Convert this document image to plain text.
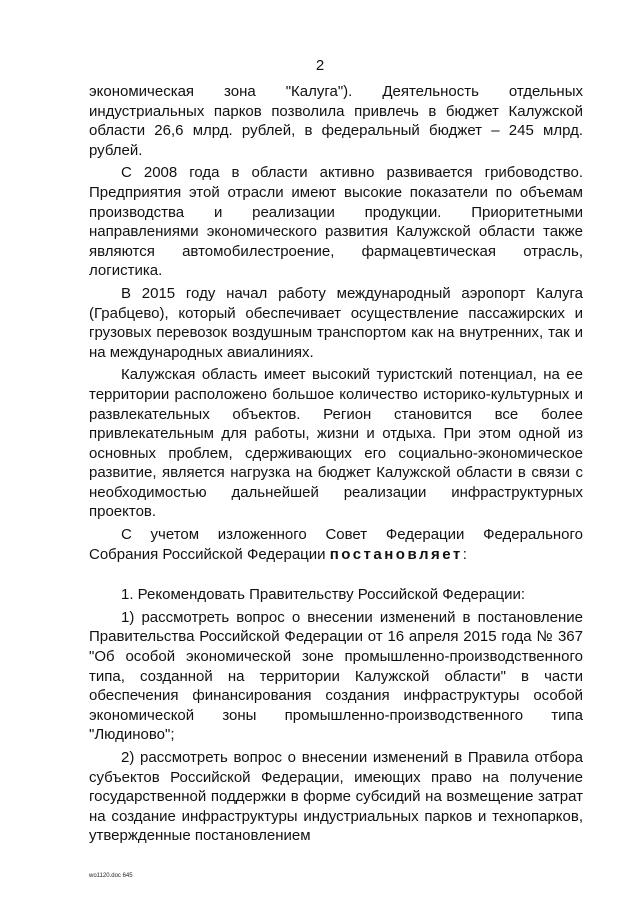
2

экономическая зона "Калуга"). Деятельность отдельных индустриальных парков позволила привлечь в бюджет Калужской области 26,6 млрд. рублей, в федеральный бюджет – 245 млрд. рублей.

С 2008 года в области активно развивается грибоводство. Предприятия этой отрасли имеют высокие показатели по объемам производства и реализации продукции. Приоритетными направлениями экономического развития Калужской области также являются автомобилестроение, фармацевтическая отрасль, логистика.

В 2015 году начал работу международный аэропорт Калуга (Грабцево), который обеспечивает осуществление пассажирских и грузовых перевозок воздушным транспортом как на внутренних, так и на международных авиалиниях.

Калужская область имеет высокий туристский потенциал, на ее территории расположено большое количество историко-культурных и развлекательных объектов. Регион становится все более привлекательным для работы, жизни и отдыха. При этом одной из основных проблем, сдерживающих его социально-экономическое развитие, является нагрузка на бюджет Калужской области в связи с необходимостью дальнейшей реализации инфраструктурных проектов.

С учетом изложенного Совет Федерации Федерального Собрания Российской Федерации постановляет:

1. Рекомендовать Правительству Российской Федерации:

1) рассмотреть вопрос о внесении изменений в постановление Правительства Российской Федерации от 16 апреля 2015 года № 367 "Об особой экономической зоне промышленно-производственного типа, созданной на территории Калужской области" в части обеспечения финансирования создания инфраструктуры особой экономической зоны промышленно-производственного типа "Людиново";

2) рассмотреть вопрос о внесении изменений в Правила отбора субъектов Российской Федерации, имеющих право на получение государственной поддержки в форме субсидий на возмещение затрат на создание инфраструктуры индустриальных парков и технопарков, утвержденные постановлением

wo1120.doc 645
